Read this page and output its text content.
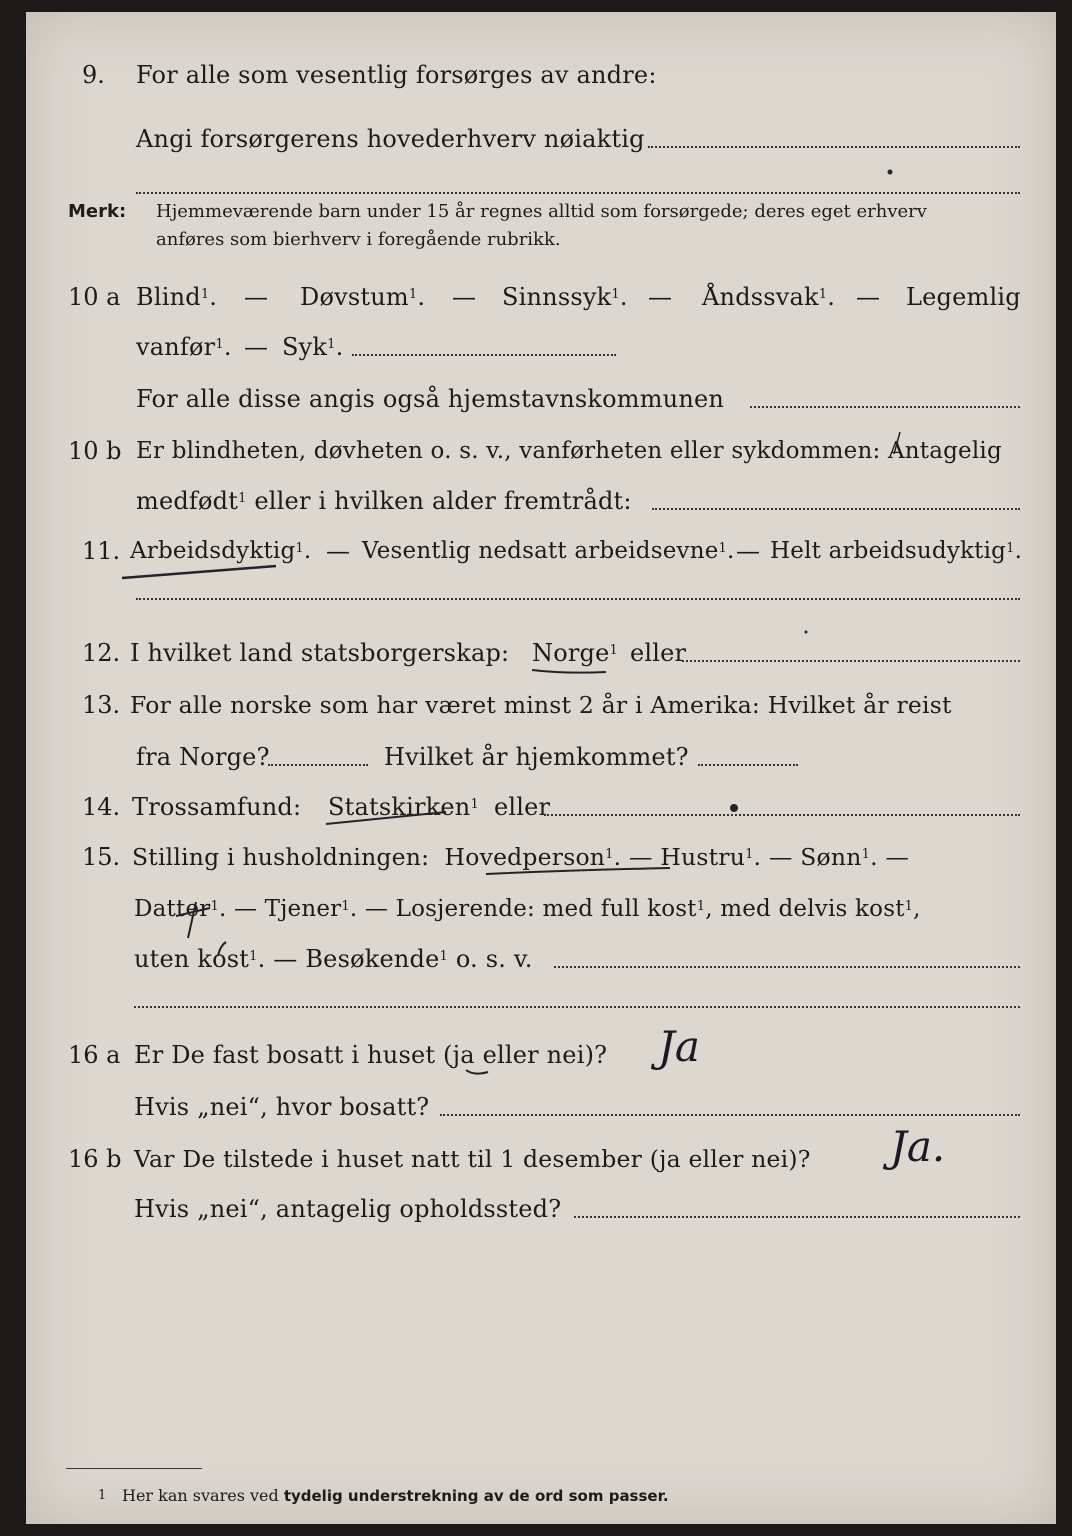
9. For alle som vesentlig forsørges av andre:
Angi forsørgerens hovederhverv nøiaktig
Merk: Hjemmeværende barn under 15 år regnes alltid som forsørgede; deres eget erhverv
anføres som bierhverv i foregående rubrikk.
10 a Blind$^1$. — Døvstum$^1$. — Sinnssyk$^1$. — Åndssvak$^1$. — Legemlig
vanfør$^1$. — Syk$^1$.
For alle disse angis også hjemstavnskommunen
10 b Er blindheten, døvheten o. s. v., vanførheten eller sykdommen: Antagelig
medfødt$^1$ eller i hvilken alder fremtrådt:
11. Arbeidsdyktig$^1$. — Vesentlig nedsatt arbeidsevne$^1$. — Helt arbeidsudyktig$^1$.
12. I hvilket land statsborgerskap: Norge$^1$ eller
13. For alle norske som har været minst 2 år i Amerika: Hvilket år reist
fra Norge?	Hvilket år hjemkommet?
14. Trossamfund: Statskirken$^1$ eller
15. Stilling i husholdningen: Hovedperson$^1$. — Hustru$^1$. — Sønn$^1$. —
Datter$^1$. — Tjener$^1$. — Losjerende: med full kost$^1$, med delvis kost$^1$,
uten kost$^1$. — Besøkende$^1$ o. s. v.
16 a Er De fast bosatt i huset (ja eller nei)?
Hvis „nei“, hvor bosatt?
Ja
16 b Var De tilstede i huset natt til 1 desember (ja eller nei)?
Hvis „nei“, antagelig opholdssted?
Ja.
1 Her kan svares ved tydelig understrekning av de ord som passer.
